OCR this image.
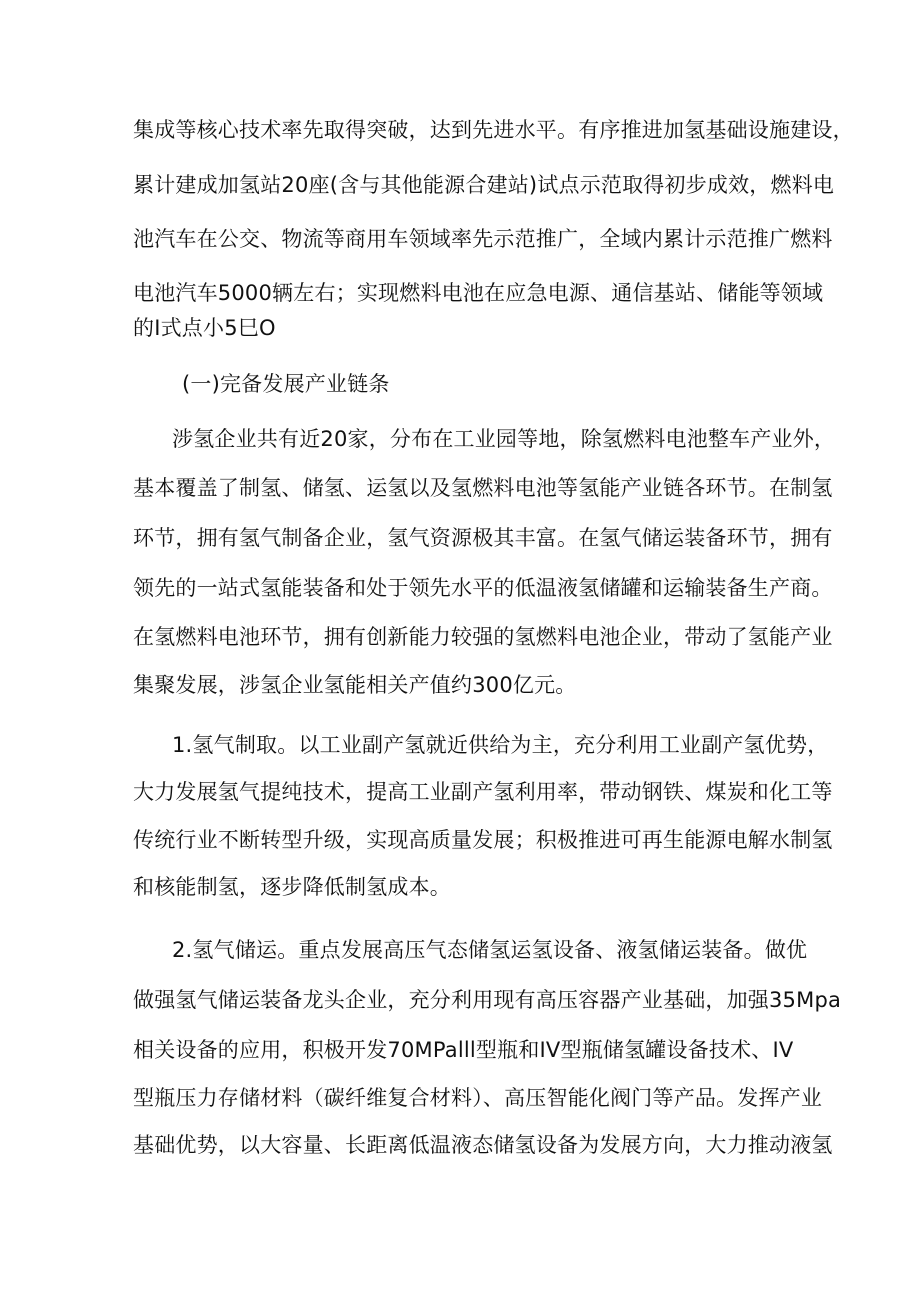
集成等核心技术率先取得突破，达到先进水平。有序推进加氢基础设施建设，
累计建成加氢站20座(含与其他能源合建站)试点示范取得初步成效，燃料电
池汽车在公交、物流等商用车领域率先示范推广，全域内累计示范推广燃料
电池汽车5000辆左右；实现燃料电池在应急电源、通信基站、储能等领域
的I式点小5巳O
(一)完备发展产业链条
涉氢企业共有近20家，分布在工业园等地，除氢燃料电池整车产业外，
基本覆盖了制氢、储氢、运氢以及氢燃料电池等氢能产业链各环节。在制氢
环节，拥有氢气制备企业，氢气资源极其丰富。在氢气储运装备环节，拥有
领先的一站式氢能装备和处于领先水平的低温液氢储罐和运输装备生产商。
在氢燃料电池环节，拥有创新能力较强的氢燃料电池企业，带动了氢能产业
集聚发展，涉氢企业氢能相关产值约300亿元。
1.氢气制取。以工业副产氢就近供给为主，充分利用工业副产氢优势，
大力发展氢气提纯技术，提高工业副产氢利用率，带动钢铁、煤炭和化工等
传统行业不断转型升级，实现高质量发展；积极推进可再生能源电解水制氢
和核能制氢，逐步降低制氢成本。
2.氢气储运。重点发展高压气态储氢运氢设备、液氢储运装备。做优
做强氢气储运装备龙头企业，充分利用现有高压容器产业基础，加强35Mpa
相关设备的应用，积极开发70MPalll型瓶和IV型瓶储氢罐设备技术、IV
型瓶压力存储材料（碳纤维复合材料）、高压智能化阀门等产品。发挥产业
基础优势，以大容量、长距离低温液态储氢设备为发展方向，大力推动液氢
